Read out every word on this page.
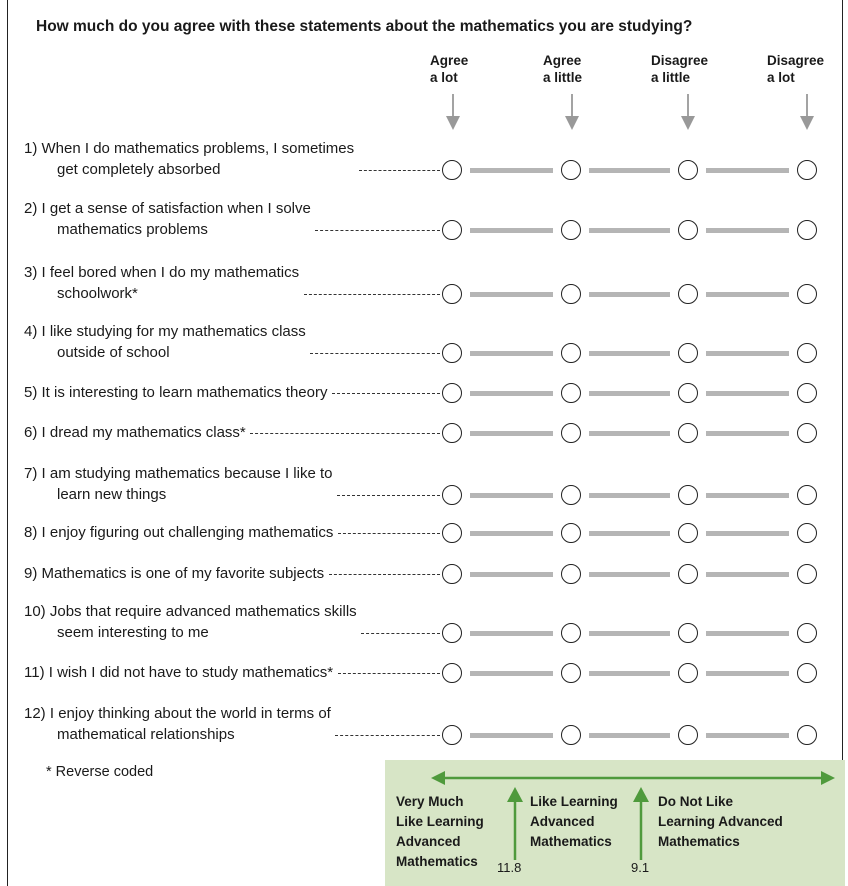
How much do you agree with these statements about the mathematics you are studying?
Agree
a lot
Agree
a little
Disagree
a little
Disagree
a lot
1) When I do mathematics problems, I sometimes
get completely absorbed
2) I get a sense of satisfaction when I solve
mathematics problems
3) I feel bored when I do my mathematics
schoolwork*
4) I like studying for my mathematics class
outside of school
5) It is interesting to learn mathematics theory
6) I dread my mathematics class*
7) I am studying mathematics because I like to
learn new things
8) I enjoy figuring out challenging mathematics
9) Mathematics is one of my favorite subjects
10) Jobs that require advanced mathematics skills
seem interesting to me
11) I wish I did not have to study mathematics*
12) I enjoy thinking about the world in terms of
mathematical relationships
* Reverse coded
Very Much
Like Learning
Advanced
Mathematics
Like Learning
Advanced
Mathematics
Do Not Like
Learning Advanced
Mathematics
11.8	9.1
